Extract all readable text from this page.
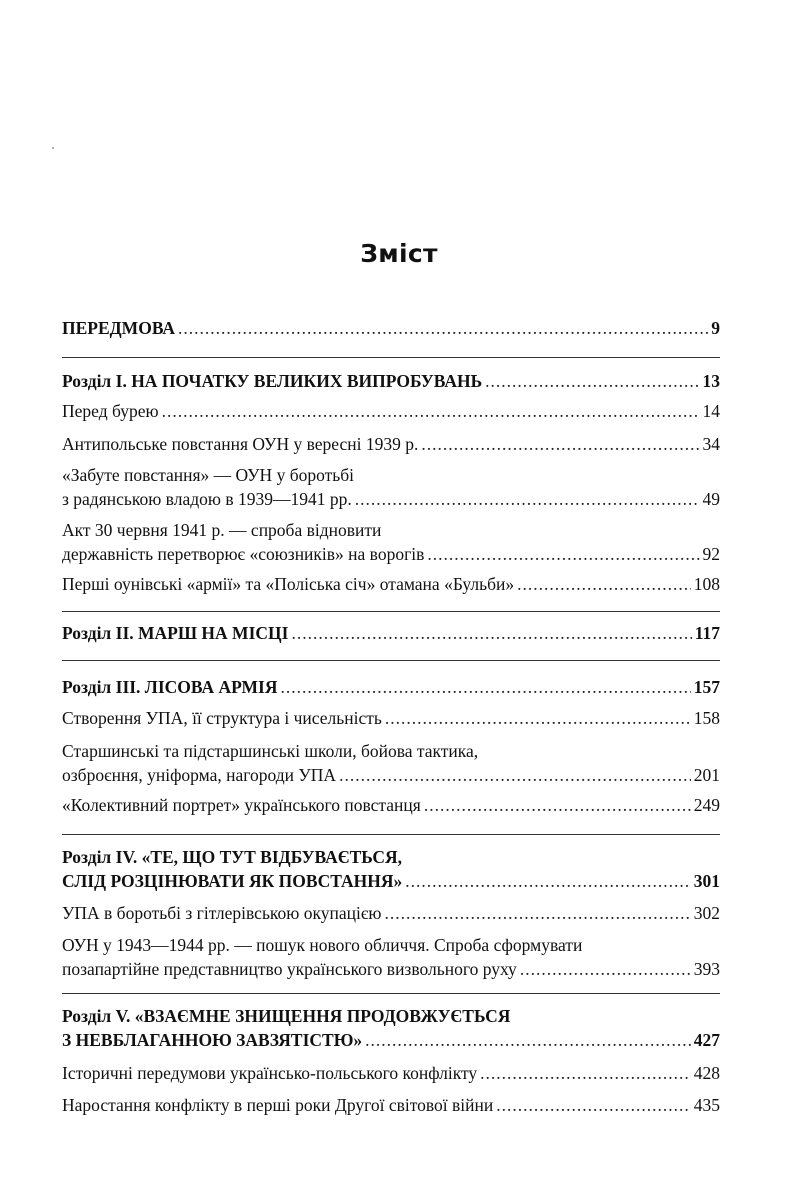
Зміст
ПЕРЕДМОВА .....	9
Розділ І. НА ПОЧАТКУ ВЕЛИКИХ ВИПРОБУВАНЬ .....	13
Перед бурею .....	14
Антипольське повстання ОУН у вересні 1939 р. .....	34
«Забуте повстання» — ОУН у боротьбі
з радянською владою в 1939—1941 рр. .....	49
Акт 30 червня 1941 р. — спроба відновити
державність перетворює «союзників» на ворогів .....	92
Перші оунівські «армії» та «Поліська січ» отамана «Бульби» .....	108
Розділ II. МАРШ НА МІСЦІ .....	117
Розділ III. ЛІСОВА АРМІЯ .....	157
Створення УПА, її структура і чисельність .....	158
Старшинські та підстаршинські школи, бойова тактика,
озброєння, уніформа, нагороди УПА .....	201
«Колективний портрет» українського повстанця .....	249
Розділ IV. «ТЕ, ЩО ТУТ ВІДБУВАЄТЬСЯ,
СЛІД РОЗЦІНЮВАТИ ЯК ПОВСТАННЯ» .....	301
УПА в боротьбі з гітлерівською окупацією .....	302
ОУН у 1943—1944 рр. — пошук нового обличчя. Спроба сформувати
позапартійне представництво українського визвольного руху .....	393
Розділ V. «ВЗАЄМНЕ ЗНИЩЕННЯ ПРОДОВЖУЄТЬСЯ
З НЕВБЛАГАННОЮ ЗАВЗЯТІСТЮ» .....	427
Історичні передумови українсько-польського конфлікту .....	428
Наростання конфлікту в перші роки Другої світової війни .....	435
